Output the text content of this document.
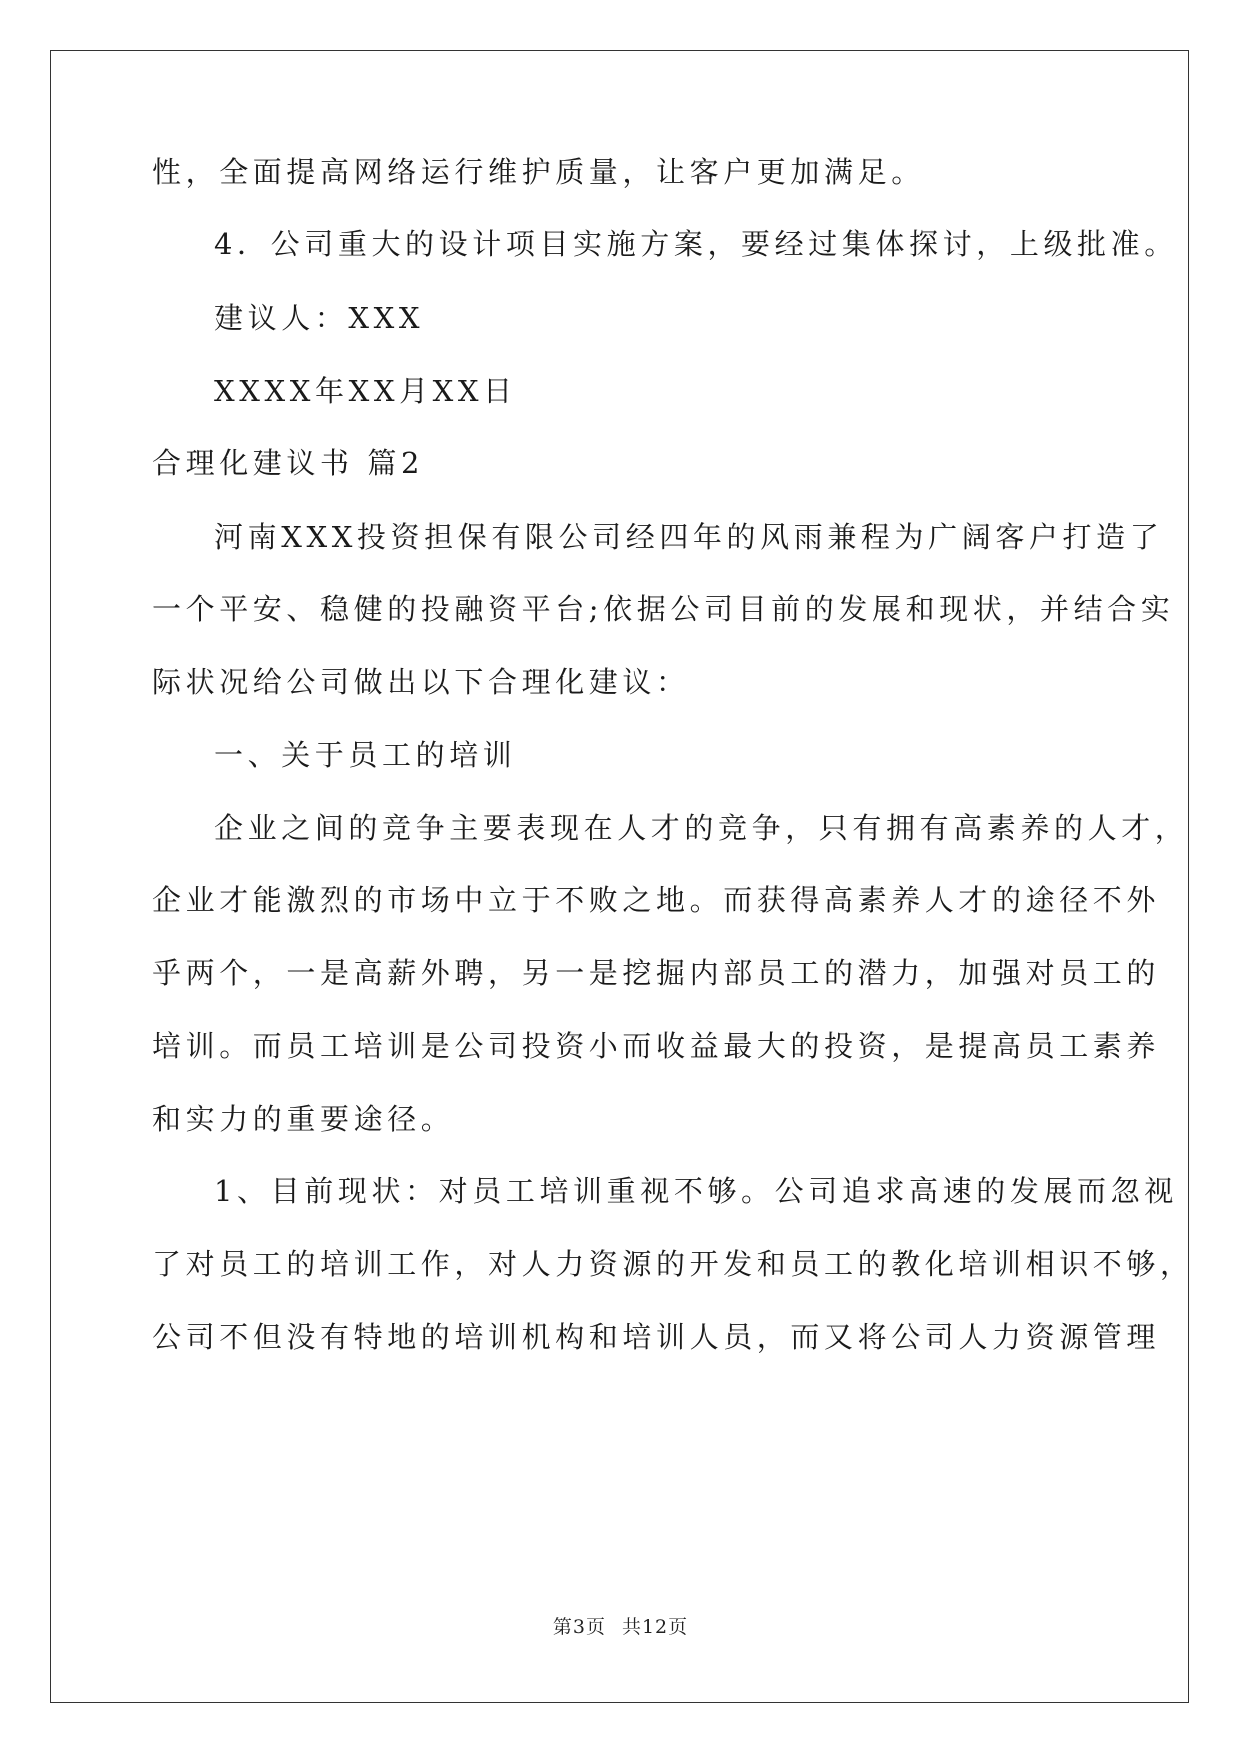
性，全面提高网络运行维护质量，让客户更加满足。
4．公司重大的设计项目实施方案，要经过集体探讨，上级批准。
建议人：XXX
XXXX年XX月XX日
合理化建议书 篇2
河南XXX投资担保有限公司经四年的风雨兼程为广阔客户打造了
一个平安、稳健的投融资平台;依据公司目前的发展和现状，并结合实
际状况给公司做出以下合理化建议：
一、关于员工的培训
企业之间的竞争主要表现在人才的竞争，只有拥有高素养的人才，
企业才能激烈的市场中立于不败之地。而获得高素养人才的途径不外
乎两个，一是高薪外聘，另一是挖掘内部员工的潜力，加强对员工的
培训。而员工培训是公司投资小而收益最大的投资，是提高员工素养
和实力的重要途径。
1、目前现状：对员工培训重视不够。公司追求高速的发展而忽视
了对员工的培训工作，对人力资源的开发和员工的教化培训相识不够，
公司不但没有特地的培训机构和培训人员，而又将公司人力资源管理
第3页 共12页
